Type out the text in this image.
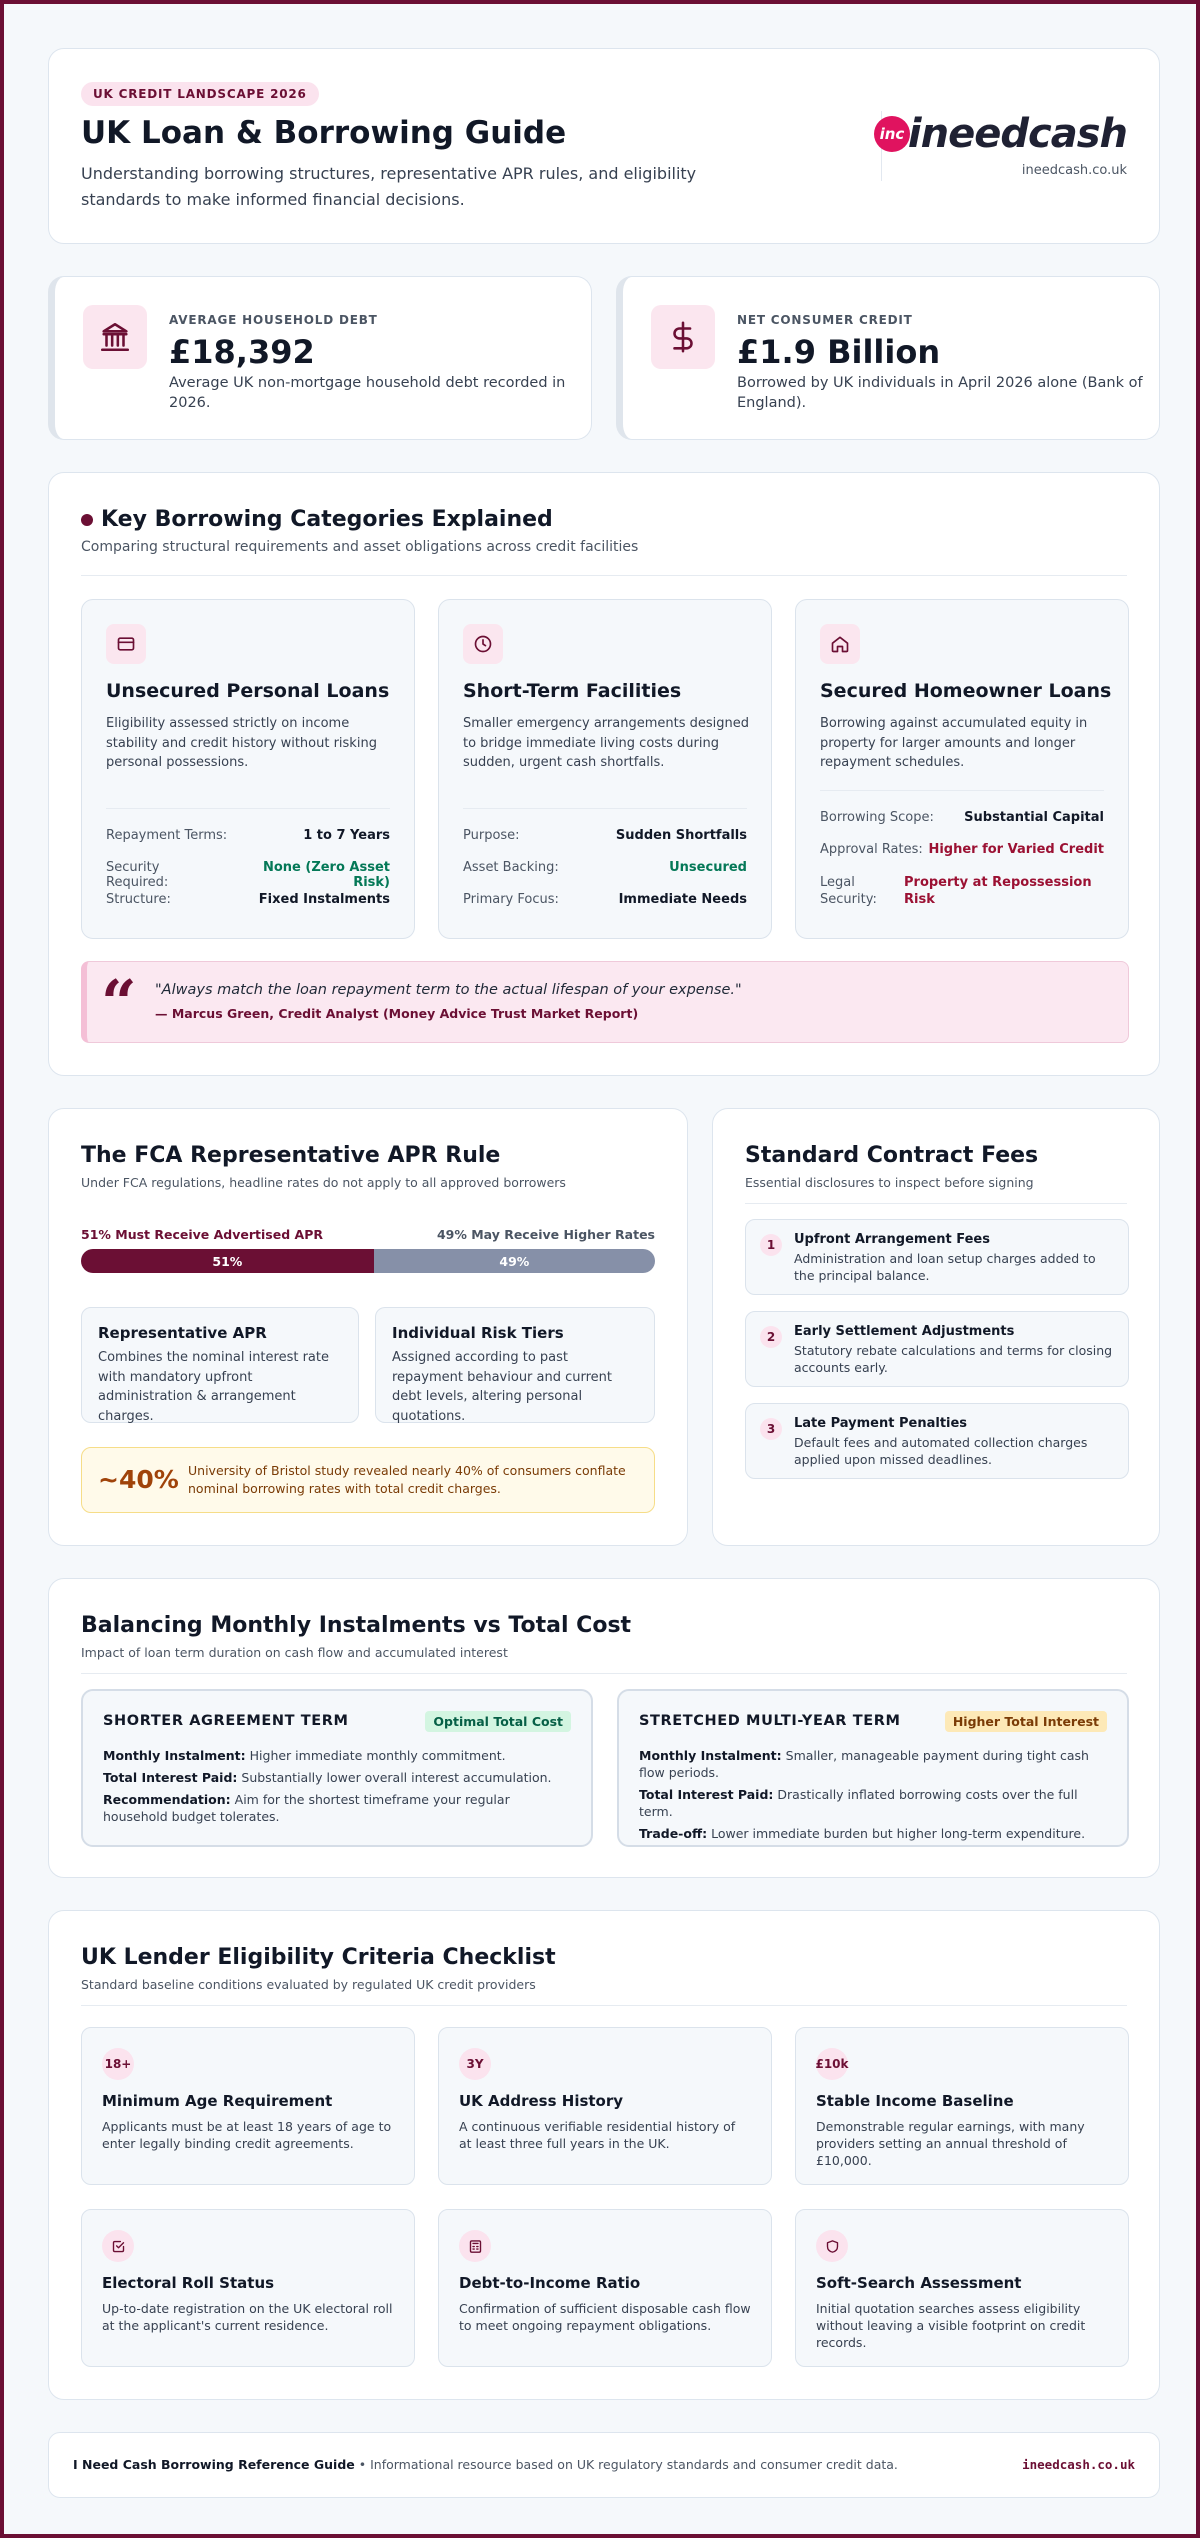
UK CREDIT LANDSCAPE 2026
UK Loan & Borrowing Guide
Understanding borrowing structures, representative APR rules, and eligibility standards to make informed financial decisions.
inc ineedcash
ineedcash.co.uk
AVERAGE HOUSEHOLD DEBT
£18,392
Average UK non-mortgage household debt recorded in 2026.
NET CONSUMER CREDIT
£1.9 Billion
Borrowed by UK individuals in April 2026 alone (Bank of England).
Key Borrowing Categories Explained
Comparing structural requirements and asset obligations across credit facilities
Unsecured Personal Loans
Eligibility assessed strictly on income stability and credit history without risking personal possessions.
Repayment Terms:	1 to 7 Years
Security Required:
None (Zero Asset Risk)
Structure:	Fixed Instalments
Short-Term Facilities
Smaller emergency arrangements designed to bridge immediate living costs during sudden, urgent cash shortfalls.
Purpose:	Sudden Shortfalls
Asset Backing:	Unsecured
Primary Focus:	Immediate Needs
Secured Homeowner Loans
Borrowing against accumulated equity in property for larger amounts and longer repayment schedules.
Borrowing Scope: Substantial Capital
Approval Rates: Higher for Varied Credit
Legal Security:
Property at Repossession Risk
“ "Always match the loan repayment term to the actual lifespan of your expense."
— Marcus Green, Credit Analyst (Money Advice Trust Market Report)
The FCA Representative APR Rule
Under FCA regulations, headline rates do not apply to all approved borrowers
51% Must Receive Advertised APR	49% May Receive Higher Rates
51%	49%
Representative APR
Combines the nominal interest rate with mandatory upfront administration & arrangement charges.
Individual Risk Tiers
Assigned according to past repayment behaviour and current debt levels, altering personal quotations.
~40% University of Bristol study revealed nearly 40% of consumers conflate nominal borrowing rates with total credit charges.
Standard Contract Fees
Essential disclosures to inspect before signing
1	Upfront Arrangement Fees
Administration and loan setup charges added to the principal balance.
2	Early Settlement Adjustments
Statutory rebate calculations and terms for closing accounts early.
3	Late Payment Penalties
Default fees and automated collection charges applied upon missed deadlines.
Balancing Monthly Instalments vs Total Cost
Impact of loan term duration on cash flow and accumulated interest
SHORTER AGREEMENT TERM	Optimal Total Cost
Monthly Instalment: Higher immediate monthly commitment.
Total Interest Paid: Substantially lower overall interest accumulation.
Recommendation: Aim for the shortest timeframe your regular household budget tolerates.
STRETCHED MULTI-YEAR TERM	Higher Total Interest
Monthly Instalment: Smaller, manageable payment during tight cash flow periods.
Total Interest Paid: Drastically inflated borrowing costs over the full term.
Trade-off: Lower immediate burden but higher long-term expenditure.
UK Lender Eligibility Criteria Checklist
Standard baseline conditions evaluated by regulated UK credit providers
18+
Minimum Age Requirement
Applicants must be at least 18 years of age to enter legally binding credit agreements.
3Y
UK Address History
A continuous verifiable residential history of at least three full years in the UK.
£10k
Stable Income Baseline
Demonstrable regular earnings, with many providers setting an annual threshold of £10,000.
Electoral Roll Status
Up-to-date registration on the UK electoral roll at the applicant's current residence.
Debt-to-Income Ratio
Confirmation of sufficient disposable cash flow to meet ongoing repayment obligations.
Soft-Search Assessment
Initial quotation searches assess eligibility without leaving a visible footprint on credit records.
I Need Cash Borrowing Reference Guide • Informational resource based on UK regulatory standards and consumer credit data.	ineedcash.co.uk
